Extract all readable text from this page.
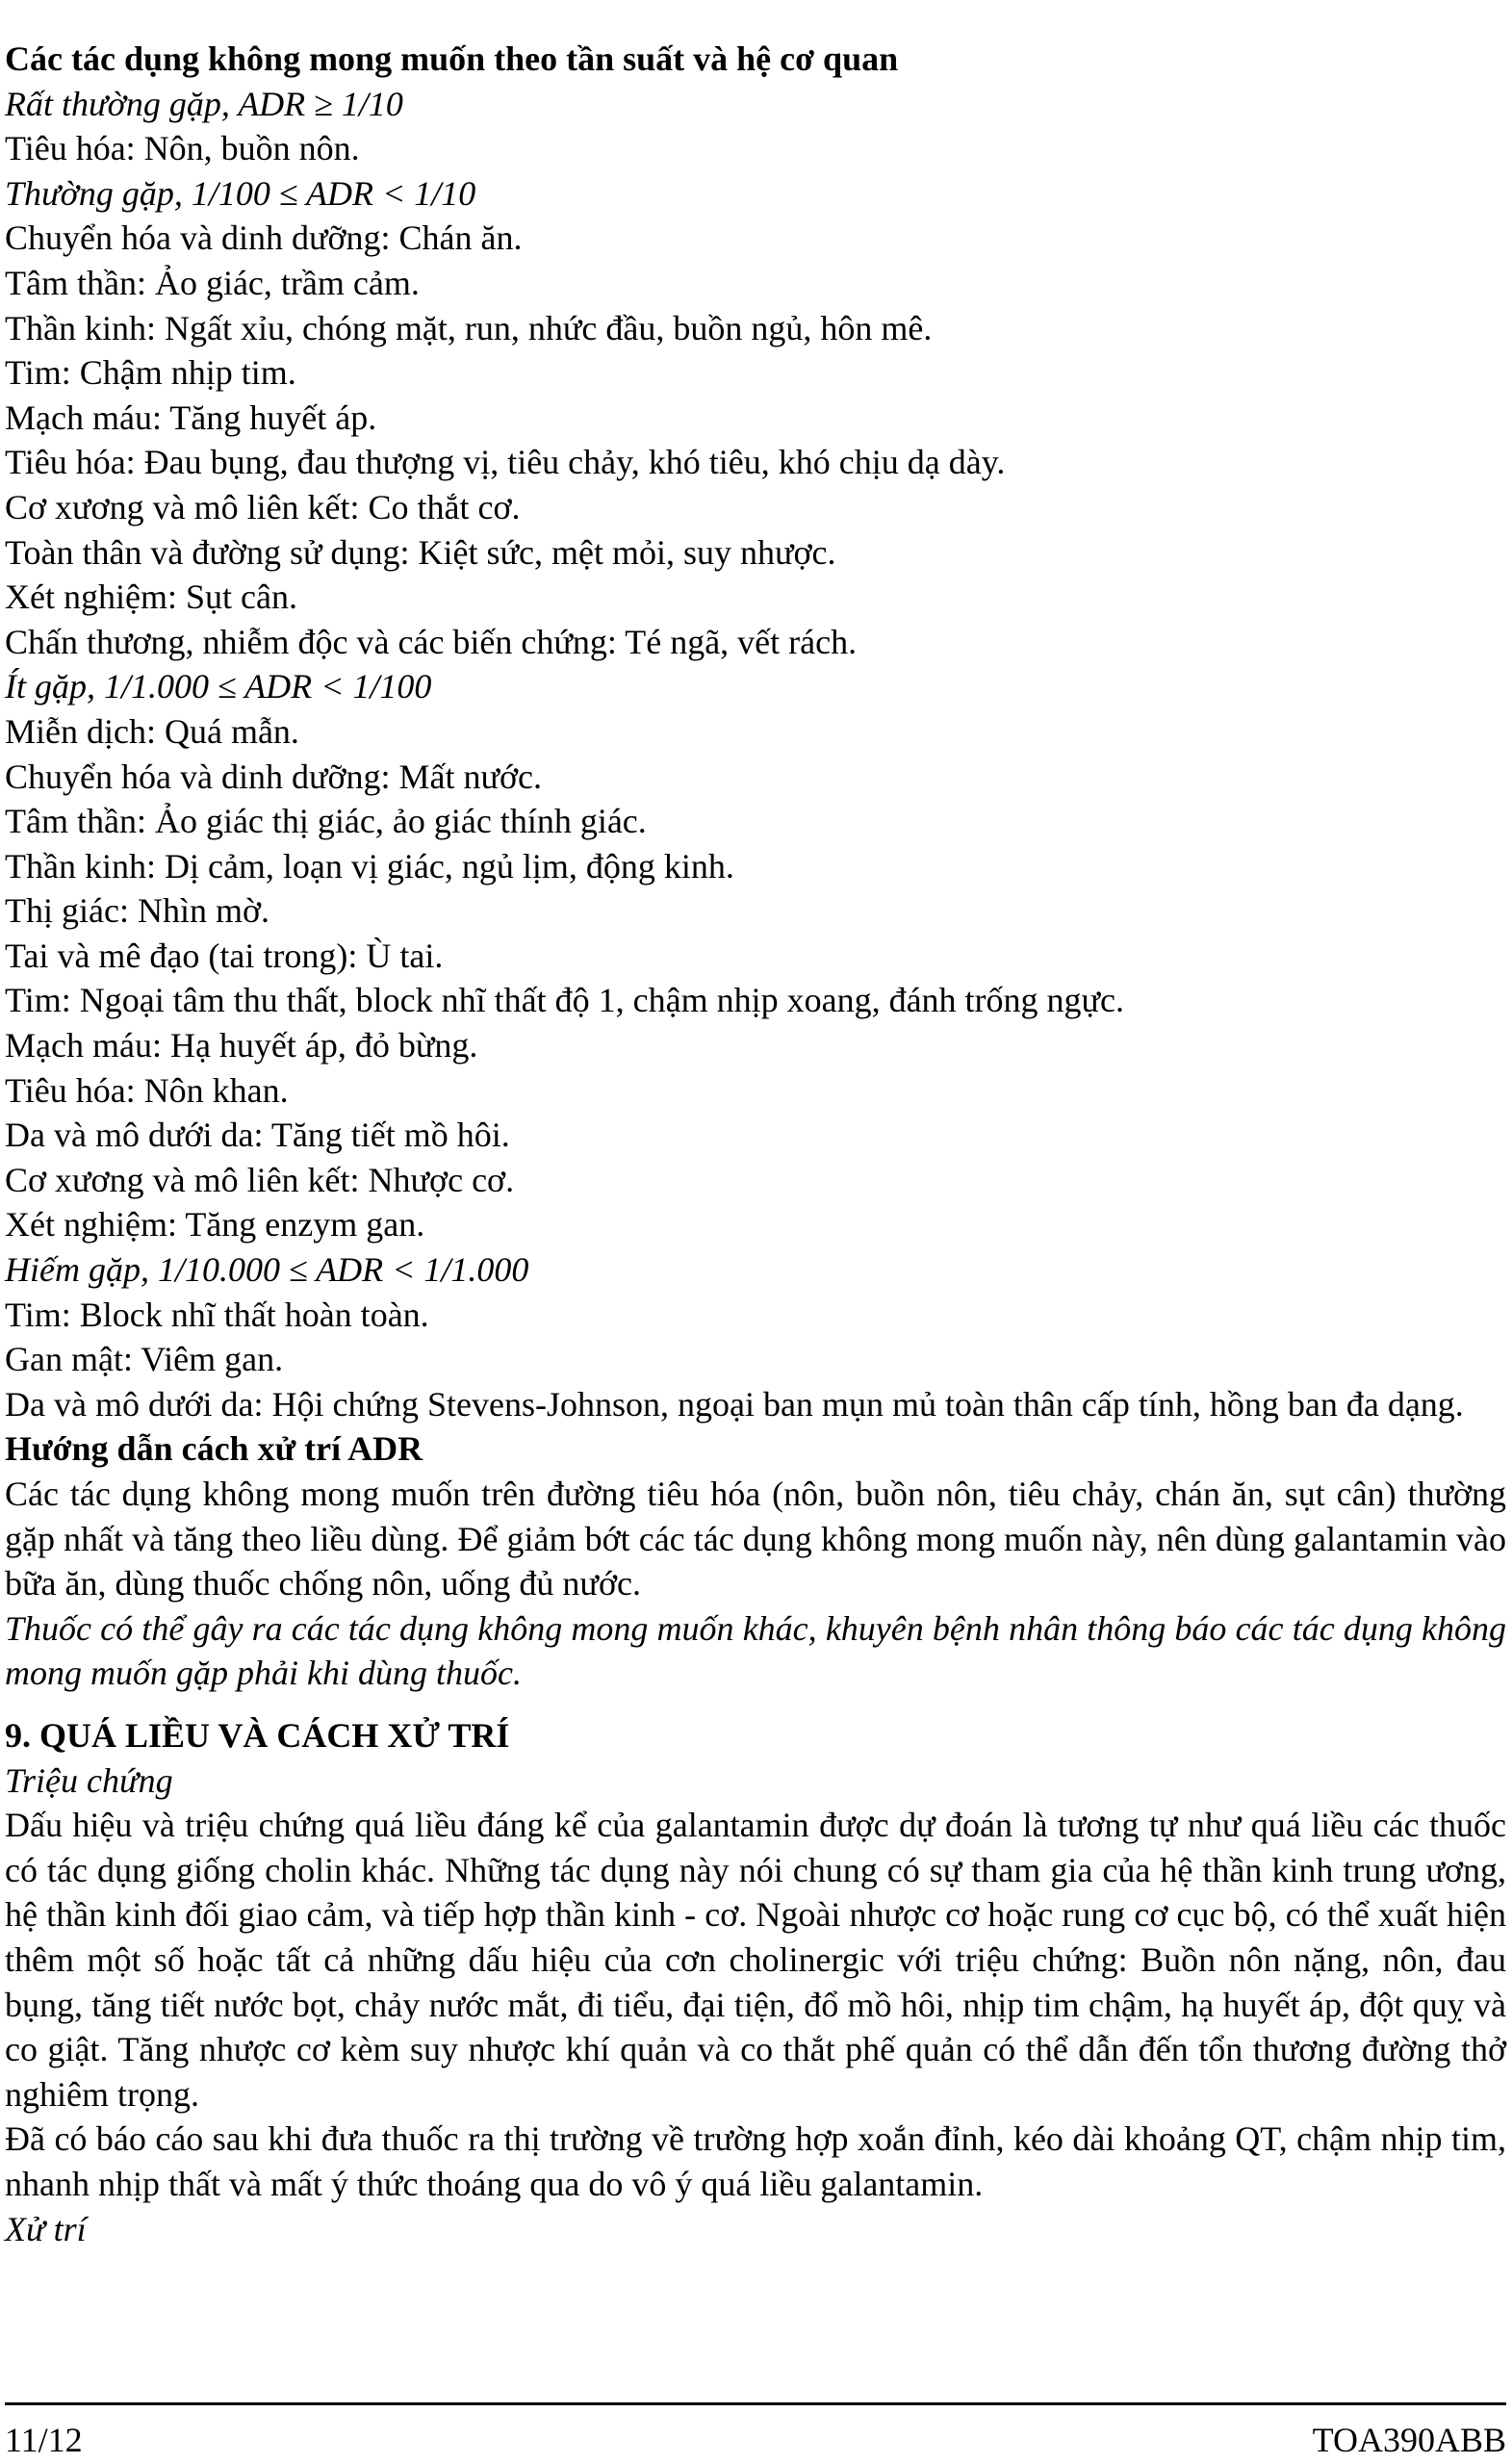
Các tác dụng không mong muốn theo tần suất và hệ cơ quan

Rất thường gặp, ADR ≥ 1/10

Tiêu hóa: Nôn, buồn nôn.

Thường gặp, 1/100 ≤ ADR < 1/10

Chuyển hóa và dinh dưỡng: Chán ăn.

Tâm thần: Ảo giác, trầm cảm.

Thần kinh: Ngất xỉu, chóng mặt, run, nhức đầu, buồn ngủ, hôn mê.

Tim: Chậm nhịp tim.

Mạch máu: Tăng huyết áp.

Tiêu hóa: Đau bụng, đau thượng vị, tiêu chảy, khó tiêu, khó chịu dạ dày.

Cơ xương và mô liên kết: Co thắt cơ.

Toàn thân và đường sử dụng: Kiệt sức, mệt mỏi, suy nhược.

Xét nghiệm: Sụt cân.

Chấn thương, nhiễm độc và các biến chứng: Té ngã, vết rách.

Ít gặp, 1/1.000 ≤ ADR < 1/100

Miễn dịch: Quá mẫn.

Chuyển hóa và dinh dưỡng: Mất nước.

Tâm thần: Ảo giác thị giác, ảo giác thính giác.

Thần kinh: Dị cảm, loạn vị giác, ngủ lịm, động kinh.

Thị giác: Nhìn mờ.

Tai và mê đạo (tai trong): Ù tai.

Tim: Ngoại tâm thu thất, block nhĩ thất độ 1, chậm nhịp xoang, đánh trống ngực.

Mạch máu: Hạ huyết áp, đỏ bừng.

Tiêu hóa: Nôn khan.

Da và mô dưới da: Tăng tiết mồ hôi.

Cơ xương và mô liên kết: Nhược cơ.

Xét nghiệm: Tăng enzym gan.

Hiếm gặp, 1/10.000 ≤ ADR < 1/1.000

Tim: Block nhĩ thất hoàn toàn.

Gan mật: Viêm gan.

Da và mô dưới da: Hội chứng Stevens-Johnson, ngoại ban mụn mủ toàn thân cấp tính, hồng ban đa dạng.

Hướng dẫn cách xử trí ADR

Các tác dụng không mong muốn trên đường tiêu hóa (nôn, buồn nôn, tiêu chảy, chán ăn, sụt cân) thường gặp nhất và tăng theo liều dùng. Để giảm bớt các tác dụng không mong muốn này, nên dùng galantamin vào bữa ăn, dùng thuốc chống nôn, uống đủ nước.

Thuốc có thể gây ra các tác dụng không mong muốn khác, khuyên bệnh nhân thông báo các tác dụng không mong muốn gặp phải khi dùng thuốc.

9. QUÁ LIỀU VÀ CÁCH XỬ TRÍ

Triệu chứng

Dấu hiệu và triệu chứng quá liều đáng kể của galantamin được dự đoán là tương tự như quá liều các thuốc có tác dụng giống cholin khác. Những tác dụng này nói chung có sự tham gia của hệ thần kinh trung ương, hệ thần kinh đối giao cảm, và tiếp hợp thần kinh - cơ. Ngoài nhược cơ hoặc rung cơ cục bộ, có thể xuất hiện thêm một số hoặc tất cả những dấu hiệu của cơn cholinergic với triệu chứng: Buồn nôn nặng, nôn, đau bụng, tăng tiết nước bọt, chảy nước mắt, đi tiểu, đại tiện, đổ mồ hôi, nhịp tim chậm, hạ huyết áp, đột quỵ và co giật. Tăng nhược cơ kèm suy nhược khí quản và co thắt phế quản có thể dẫn đến tổn thương đường thở nghiêm trọng.

Đã có báo cáo sau khi đưa thuốc ra thị trường về trường hợp xoắn đỉnh, kéo dài khoảng QT, chậm nhịp tim, nhanh nhịp thất và mất ý thức thoáng qua do vô ý quá liều galantamin.

Xử trí

11/12	TOA390ABB
